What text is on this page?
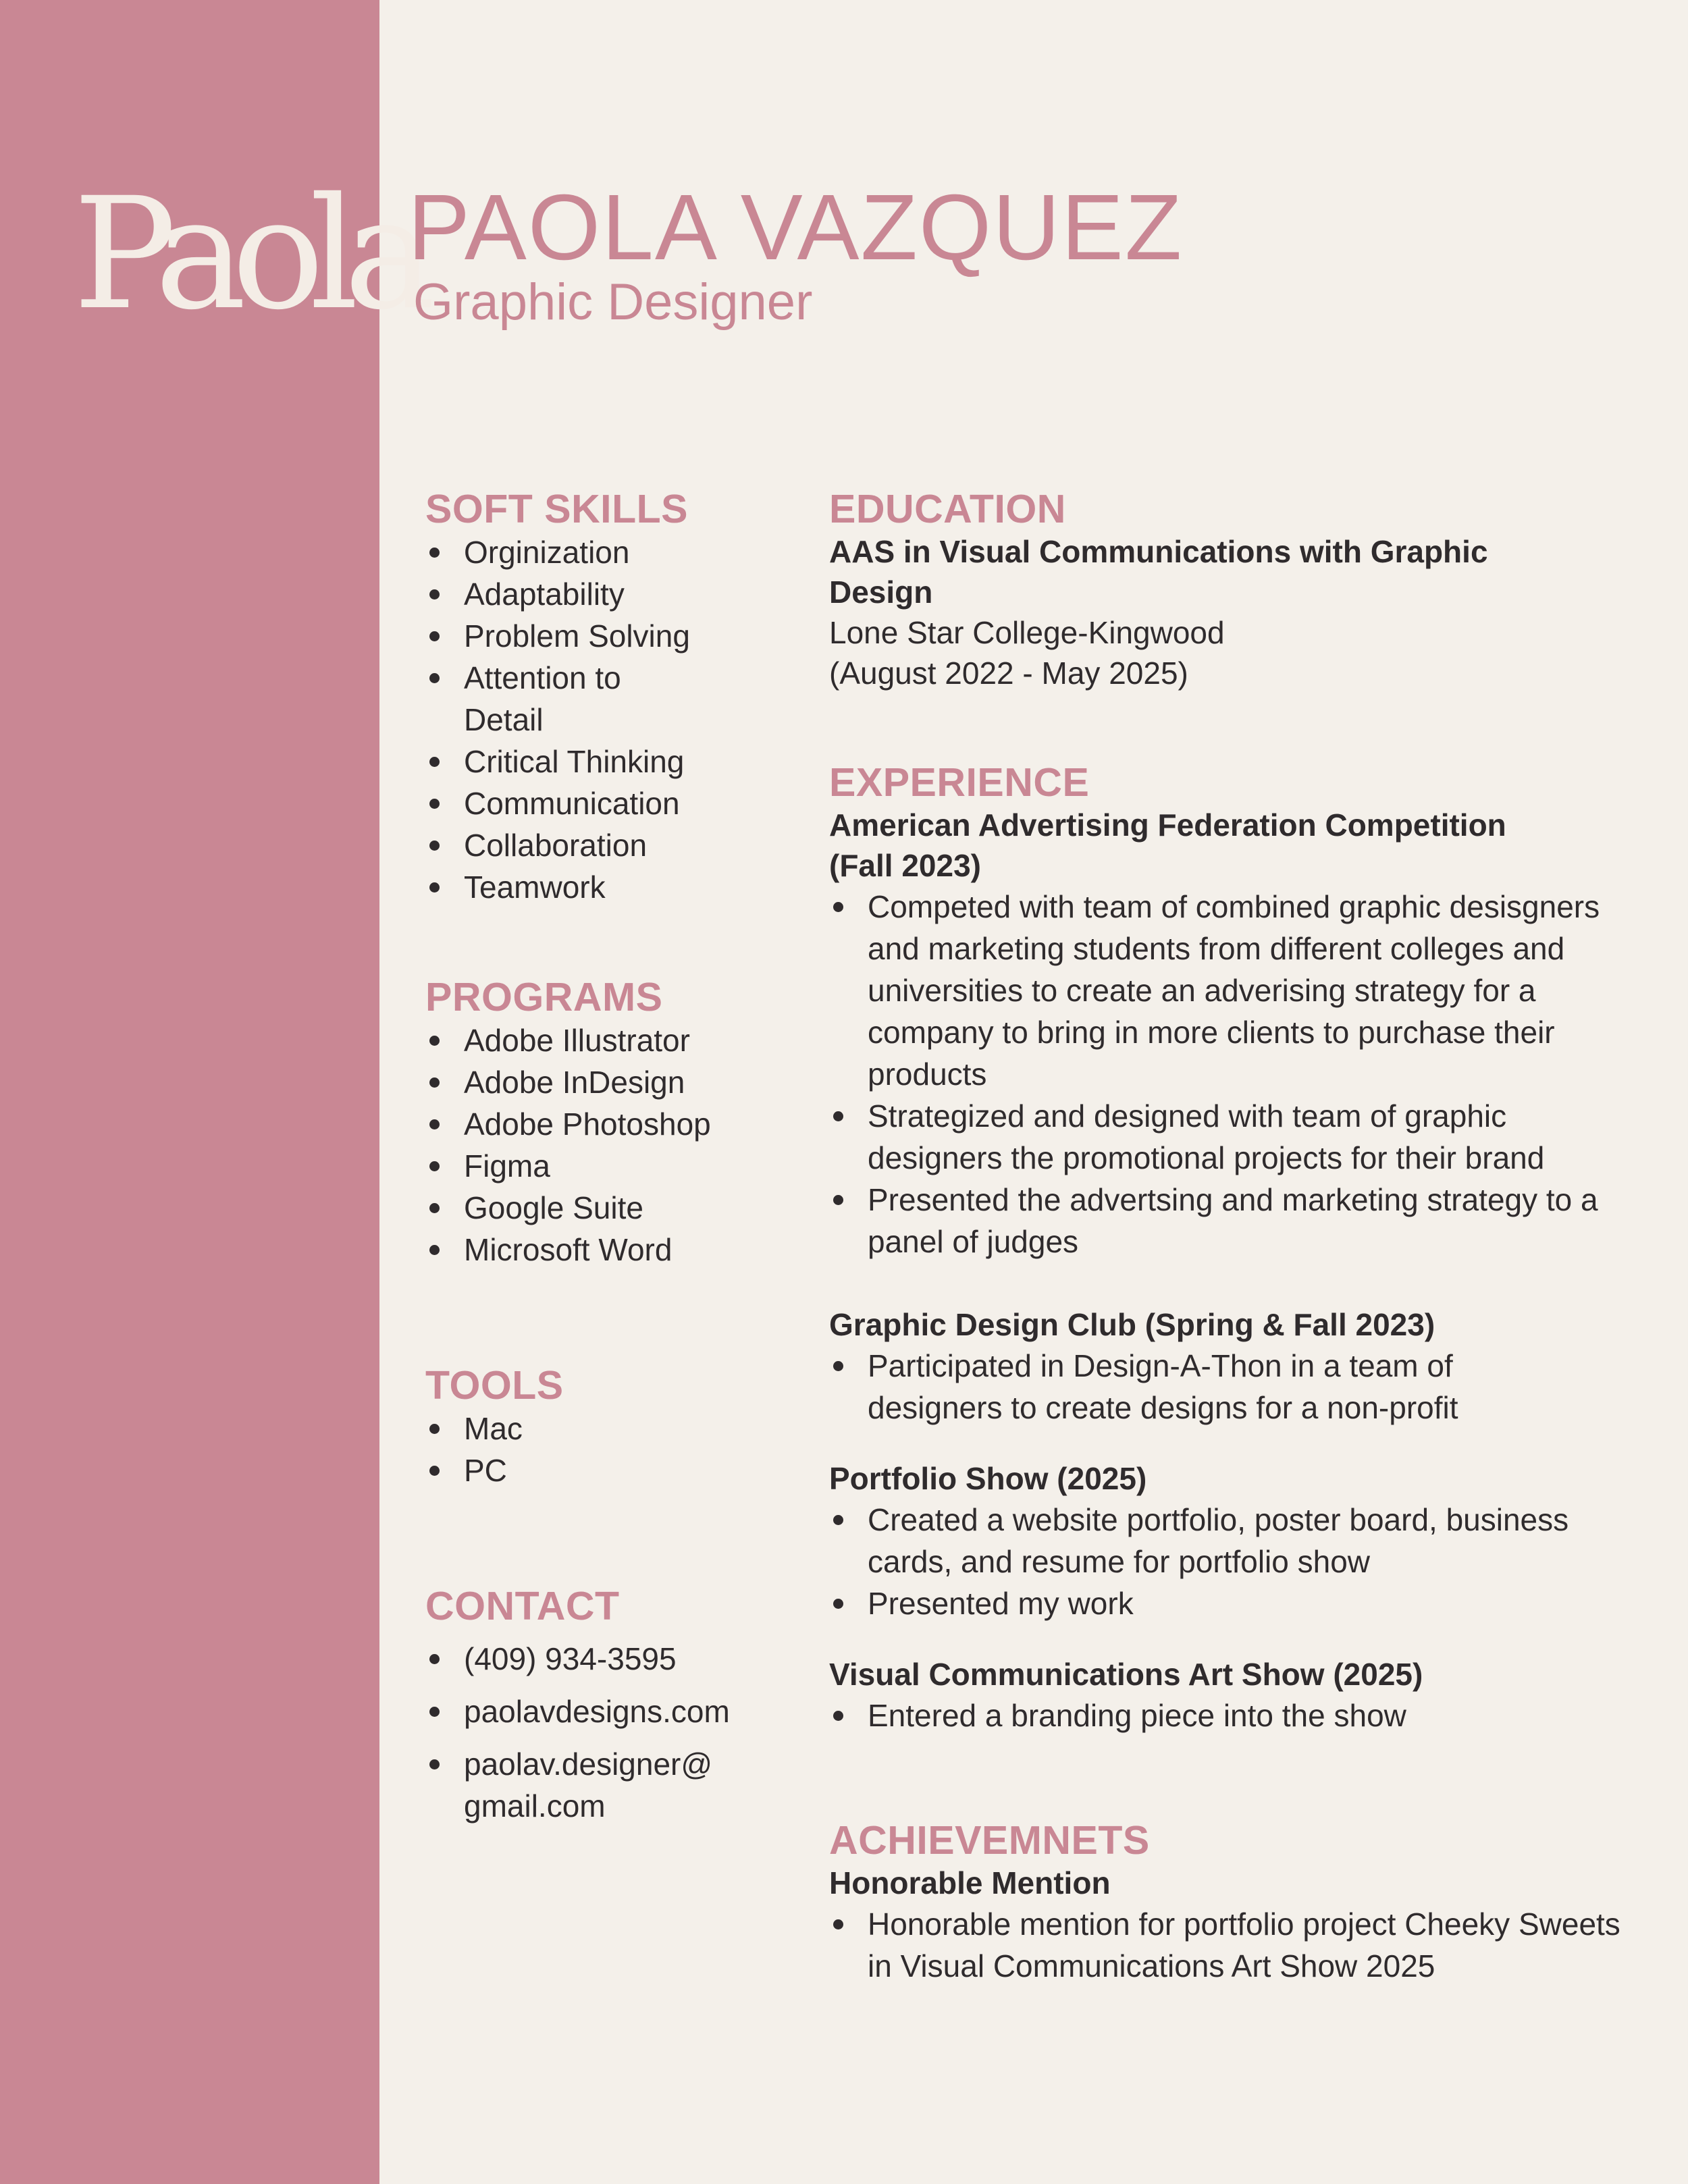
Paola
PAOLA VAZQUEZ
Graphic Designer
SOFT SKILLS
Orginization
Adaptability
Problem Solving
Attention to Detail
Critical Thinking
Communication
Collaboration
Teamwork
PROGRAMS
Adobe Illustrator
Adobe InDesign
Adobe Photoshop
Figma
Google Suite
Microsoft Word
TOOLS
Mac
PC
CONTACT
(409) 934-3595
paolavdesigns.com
paolav.designer@ gmail.com
EDUCATION
AAS in Visual Communications with Graphic Design
Lone Star College-Kingwood
(August 2022 - May 2025)
EXPERIENCE
American Advertising Federation Competition (Fall 2023)
Competed with team of combined graphic desisgners and marketing students from different colleges and universities to create an adverising strategy for a company to bring in more clients to purchase their products
Strategized and designed with team of graphic designers the promotional projects for their brand
Presented the advertsing and marketing strategy to a panel of judges
Graphic Design Club (Spring & Fall 2023)
Participated in Design-A-Thon in a team of designers to create designs for a non-profit
Portfolio Show (2025)
Created a website portfolio, poster board, business cards, and resume for portfolio show
Presented my work
Visual Communications Art Show (2025)
Entered a branding piece into the show
ACHIEVEMNETS
Honorable Mention
Honorable mention for portfolio project Cheeky Sweets in Visual Communications Art Show 2025
